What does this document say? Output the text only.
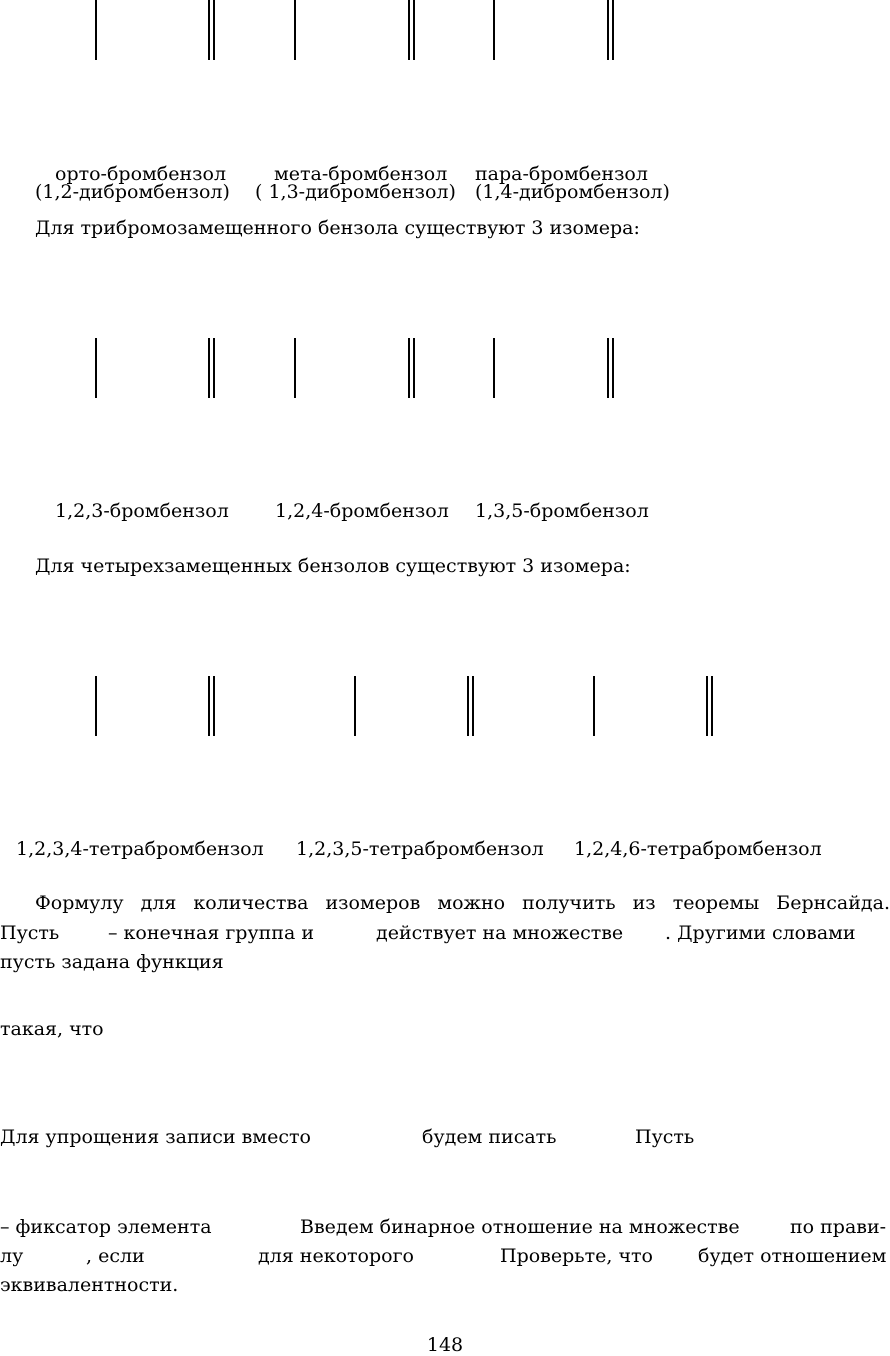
орто-бромбензол	мета-бромбензол пара-бромбензол
(1,2-дибромбензол) ( 1,3-дибромбензол) (1,4-дибромбензол)
Для трибромозамещенного бензола существуют 3 изомера:
1,2,3-бромбензол 1,2,4-бромбензол 1,3,5-бромбензол
Для четырехзамещенных бензолов существуют 3 изомера:
1,2,3,4-тетрабромбензол 1,2,3,5-тетрабромбензол 1,2,4,6-тетрабромбензол
Формулу для количества изомеров можно получить из теоремы Бернсайда.
Пусть	– конечная группа и	действует на множестве . Другими словами
пусть задана функция
такая, что
Для упрощения записи вместо	будем писать	Пусть
– фиксатор элемента	Введем бинарное отношение на множестве	по прави-
лу	, если	для некоторого	Проверьте, что будет отношением
эквивалентности.
148
